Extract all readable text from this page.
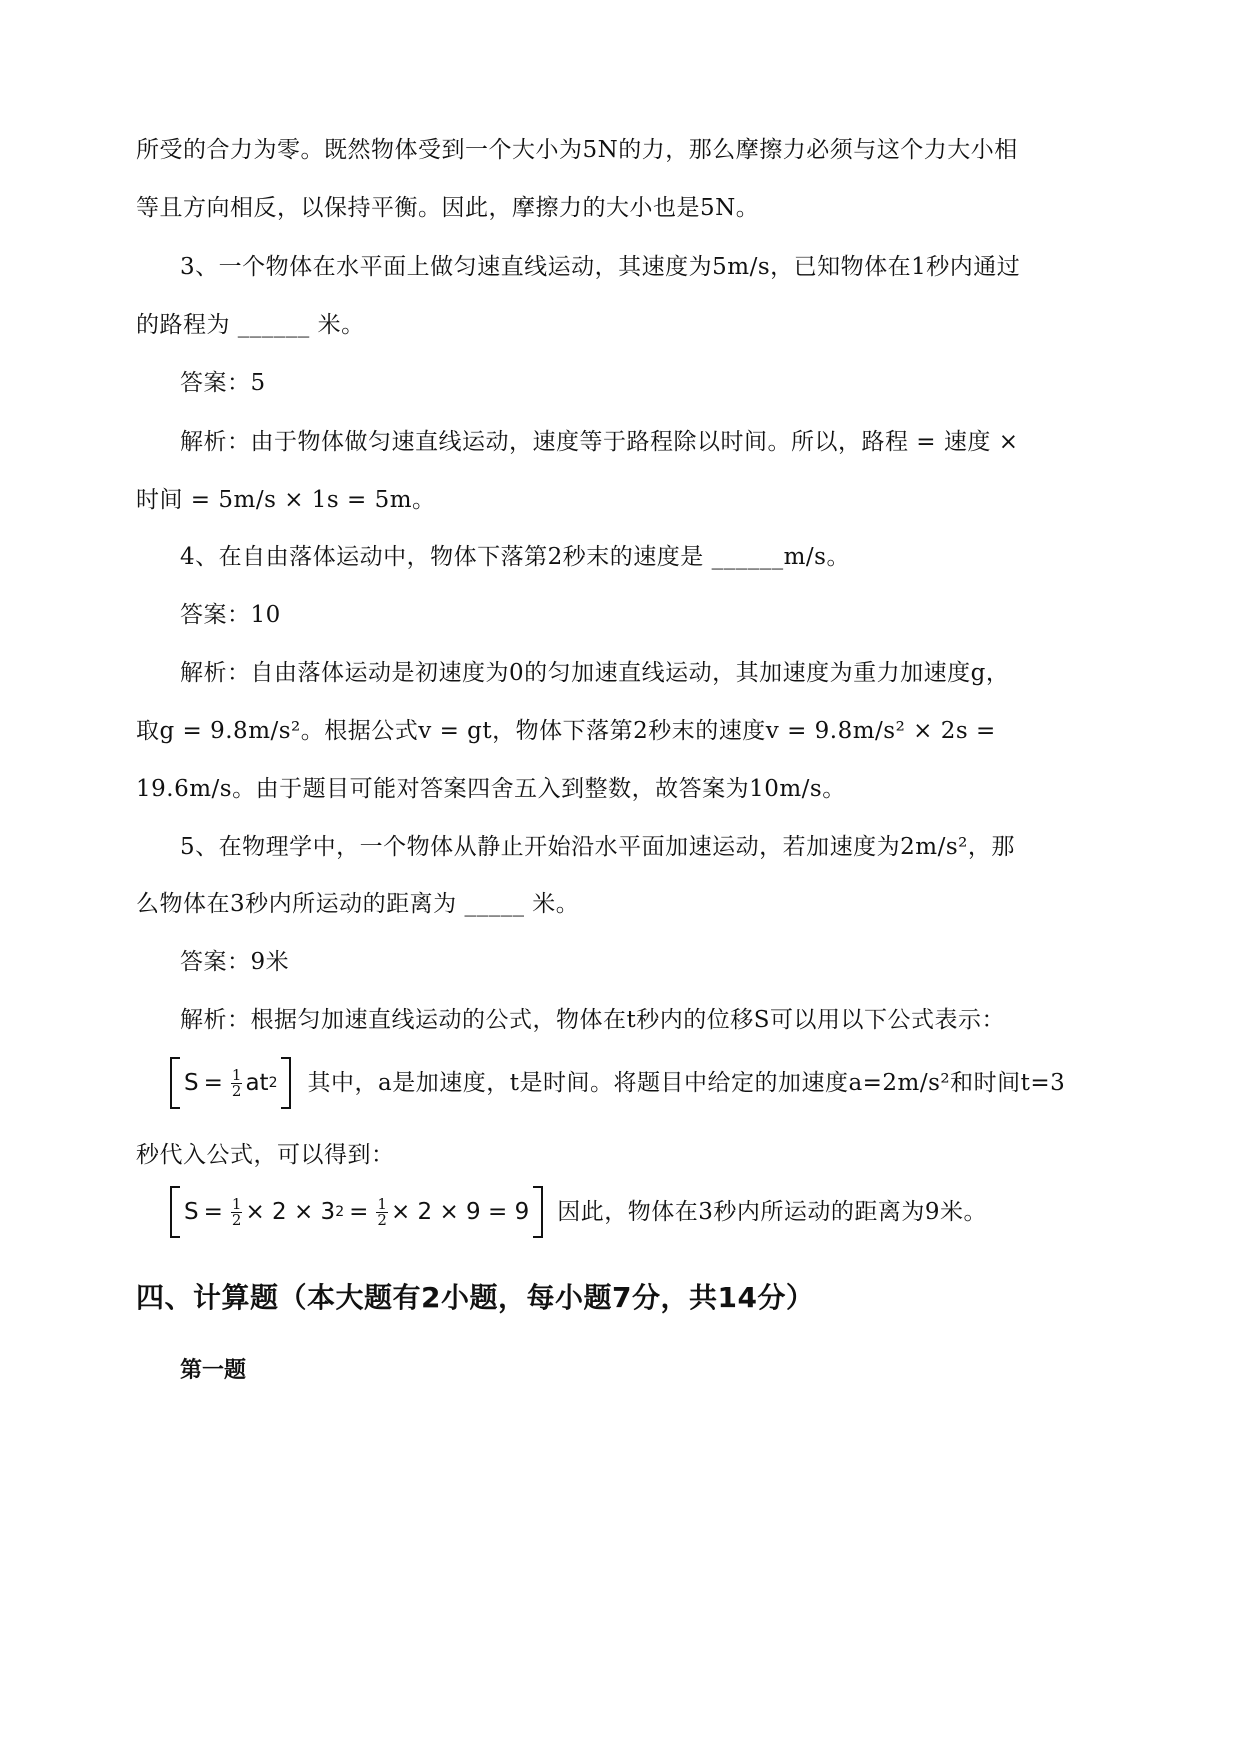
所受的合力为零。既然物体受到一个大小为5N的力，那么摩擦力必须与这个力大小相
等且方向相反，以保持平衡。因此，摩擦力的大小也是5N。
3、一个物体在水平面上做匀速直线运动，其速度为5m/s，已知物体在1秒内通过
的路程为 ______ 米。
答案：5
解析：由于物体做匀速直线运动，速度等于路程除以时间。所以，路程 = 速度 ×
时间 = 5m/s × 1s = 5m。
4、在自由落体运动中，物体下落第2秒末的速度是 ______m/s。
答案：10
解析：自由落体运动是初速度为0的匀加速直线运动，其加速度为重力加速度g，
取g = 9.8m/s²。根据公式v = gt，物体下落第2秒末的速度v = 9.8m/s² × 2s =
19.6m/s。由于题目可能对答案四舍五入到整数，故答案为10m/s。
5、在物理学中，一个物体从静止开始沿水平面加速运动，若加速度为2m/s²，那
么物体在3秒内所运动的距离为 _____ 米。
答案：9米
解析：根据匀加速直线运动的公式，物体在t秒内的位移S可以用以下公式表示：
$S = \frac{1}{2}$ at 2 其中，a是加速度，t是时间。将题目中给定的加速度a=2m/s²和时间t=3
秒代入公式，可以得到：
$S = \frac{1}{2} \times 2 \times 3$ $2 = \frac{1}{2} \times 2 \times 9 = 9$ 因此，物体在3秒内所运动的距离为9米。
四、计算题（本大题有2小题，每小题7分，共14分）
第一题
